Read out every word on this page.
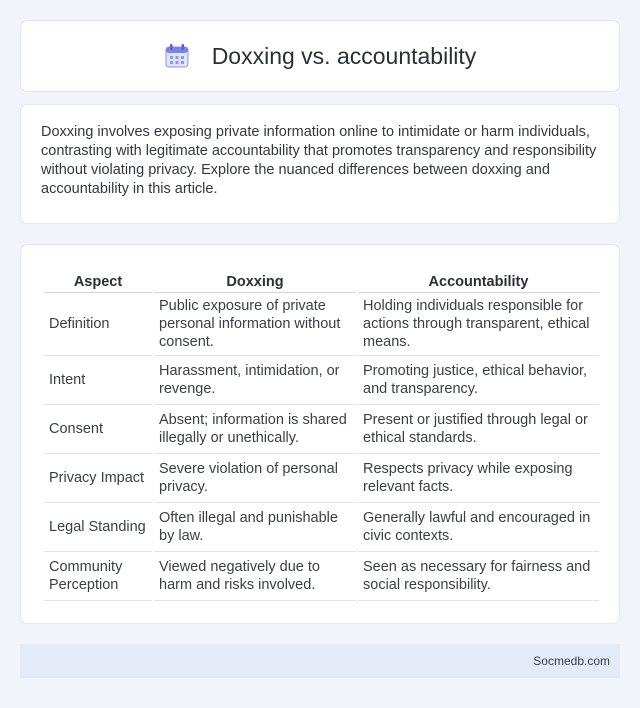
Doxxing vs. accountability

Doxxing involves exposing private information online to intimidate or harm individuals, contrasting with legitimate accountability that promotes transparency and responsibility without violating privacy. Explore the nuanced differences between doxxing and accountability in this article.

Aspect	Doxxing	Accountability
Definition	Public exposure of private personal information without consent.	Holding individuals responsible for actions through transparent, ethical means.
Intent	Harassment, intimidation, or revenge.	Promoting justice, ethical behavior, and transparency.
Consent	Absent; information is shared illegally or unethically.	Present or justified through legal or ethical standards.
Privacy Impact	Severe violation of personal privacy.	Respects privacy while exposing relevant facts.
Legal Standing	Often illegal and punishable by law.	Generally lawful and encouraged in civic contexts.
Community Perception	Viewed negatively due to harm and risks involved.	Seen as necessary for fairness and social responsibility.
Socmedb.com
